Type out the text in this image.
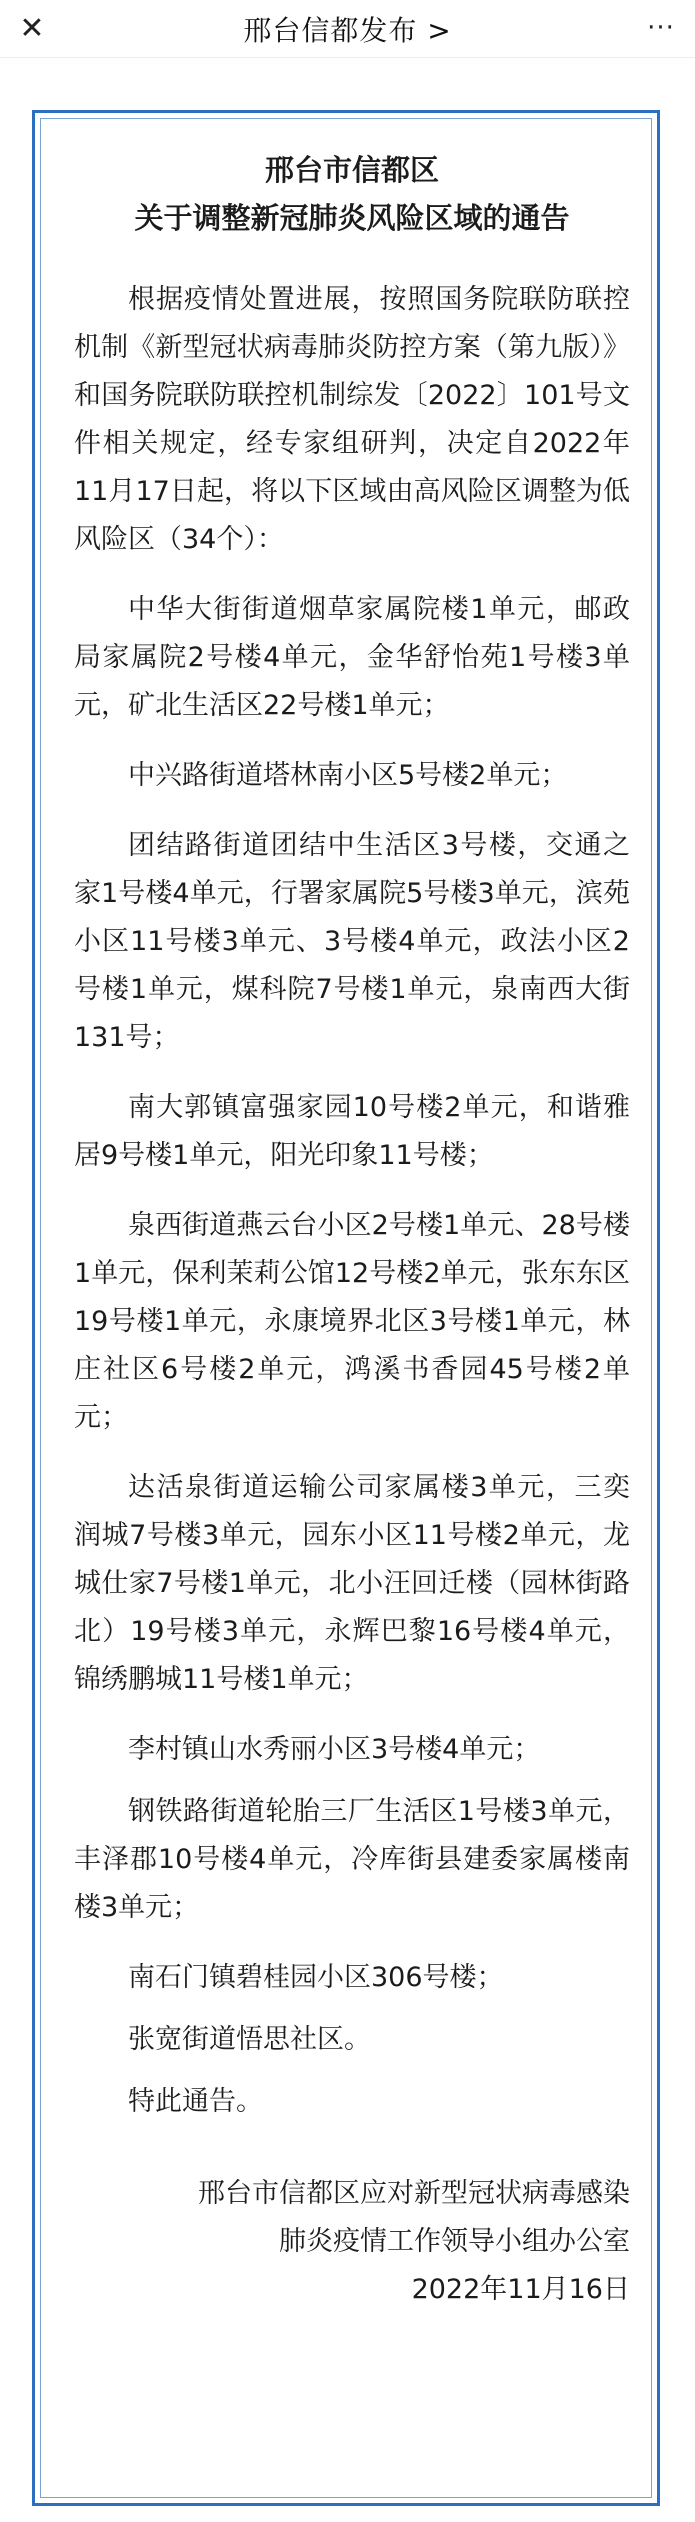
✕	邢台信都发布 >	···

邢台市信都区

关于调整新冠肺炎风险区域的通告

根据疫情处置进展，按照国务院联防联控机制《新型冠状病毒肺炎防控方案（第九版）》和国务院联防联控机制综发〔2022〕101号文件相关规定，经专家组研判，决定自2022年11月17日起，将以下区域由高风险区调整为低风险区（34个）：

中华大街街道烟草家属院楼1单元，邮政局家属院2号楼4单元，金华舒怡苑1号楼3单元，矿北生活区22号楼1单元；

中兴路街道塔林南小区5号楼2单元；

团结路街道团结中生活区3号楼，交通之家1号楼4单元，行署家属院5号楼3单元，滨苑小区11号楼3单元、3号楼4单元，政法小区2号楼1单元，煤科院7号楼1单元，泉南西大街131号；

南大郭镇富强家园10号楼2单元，和谐雅居9号楼1单元，阳光印象11号楼；

泉西街道燕云台小区2号楼1单元、28号楼1单元，保利茉莉公馆12号楼2单元，张东东区19号楼1单元，永康境界北区3号楼1单元，林庄社区6号楼2单元，鸿溪书香园45号楼2单元；

达活泉街道运输公司家属楼3单元，三奕润城7号楼3单元，园东小区11号楼2单元，龙城仕家7号楼1单元，北小汪回迁楼（园林街路北）19号楼3单元，永辉巴黎16号楼4单元，锦绣鹏城11号楼1单元；

李村镇山水秀丽小区3号楼4单元；

钢铁路街道轮胎三厂生活区1号楼3单元，丰泽郡10号楼4单元，冷库街县建委家属楼南楼3单元；

南石门镇碧桂园小区306号楼；

张宽街道悟思社区。

特此通告。

邢台市信都区应对新型冠状病毒感染

肺炎疫情工作领导小组办公室

2022年11月16日
